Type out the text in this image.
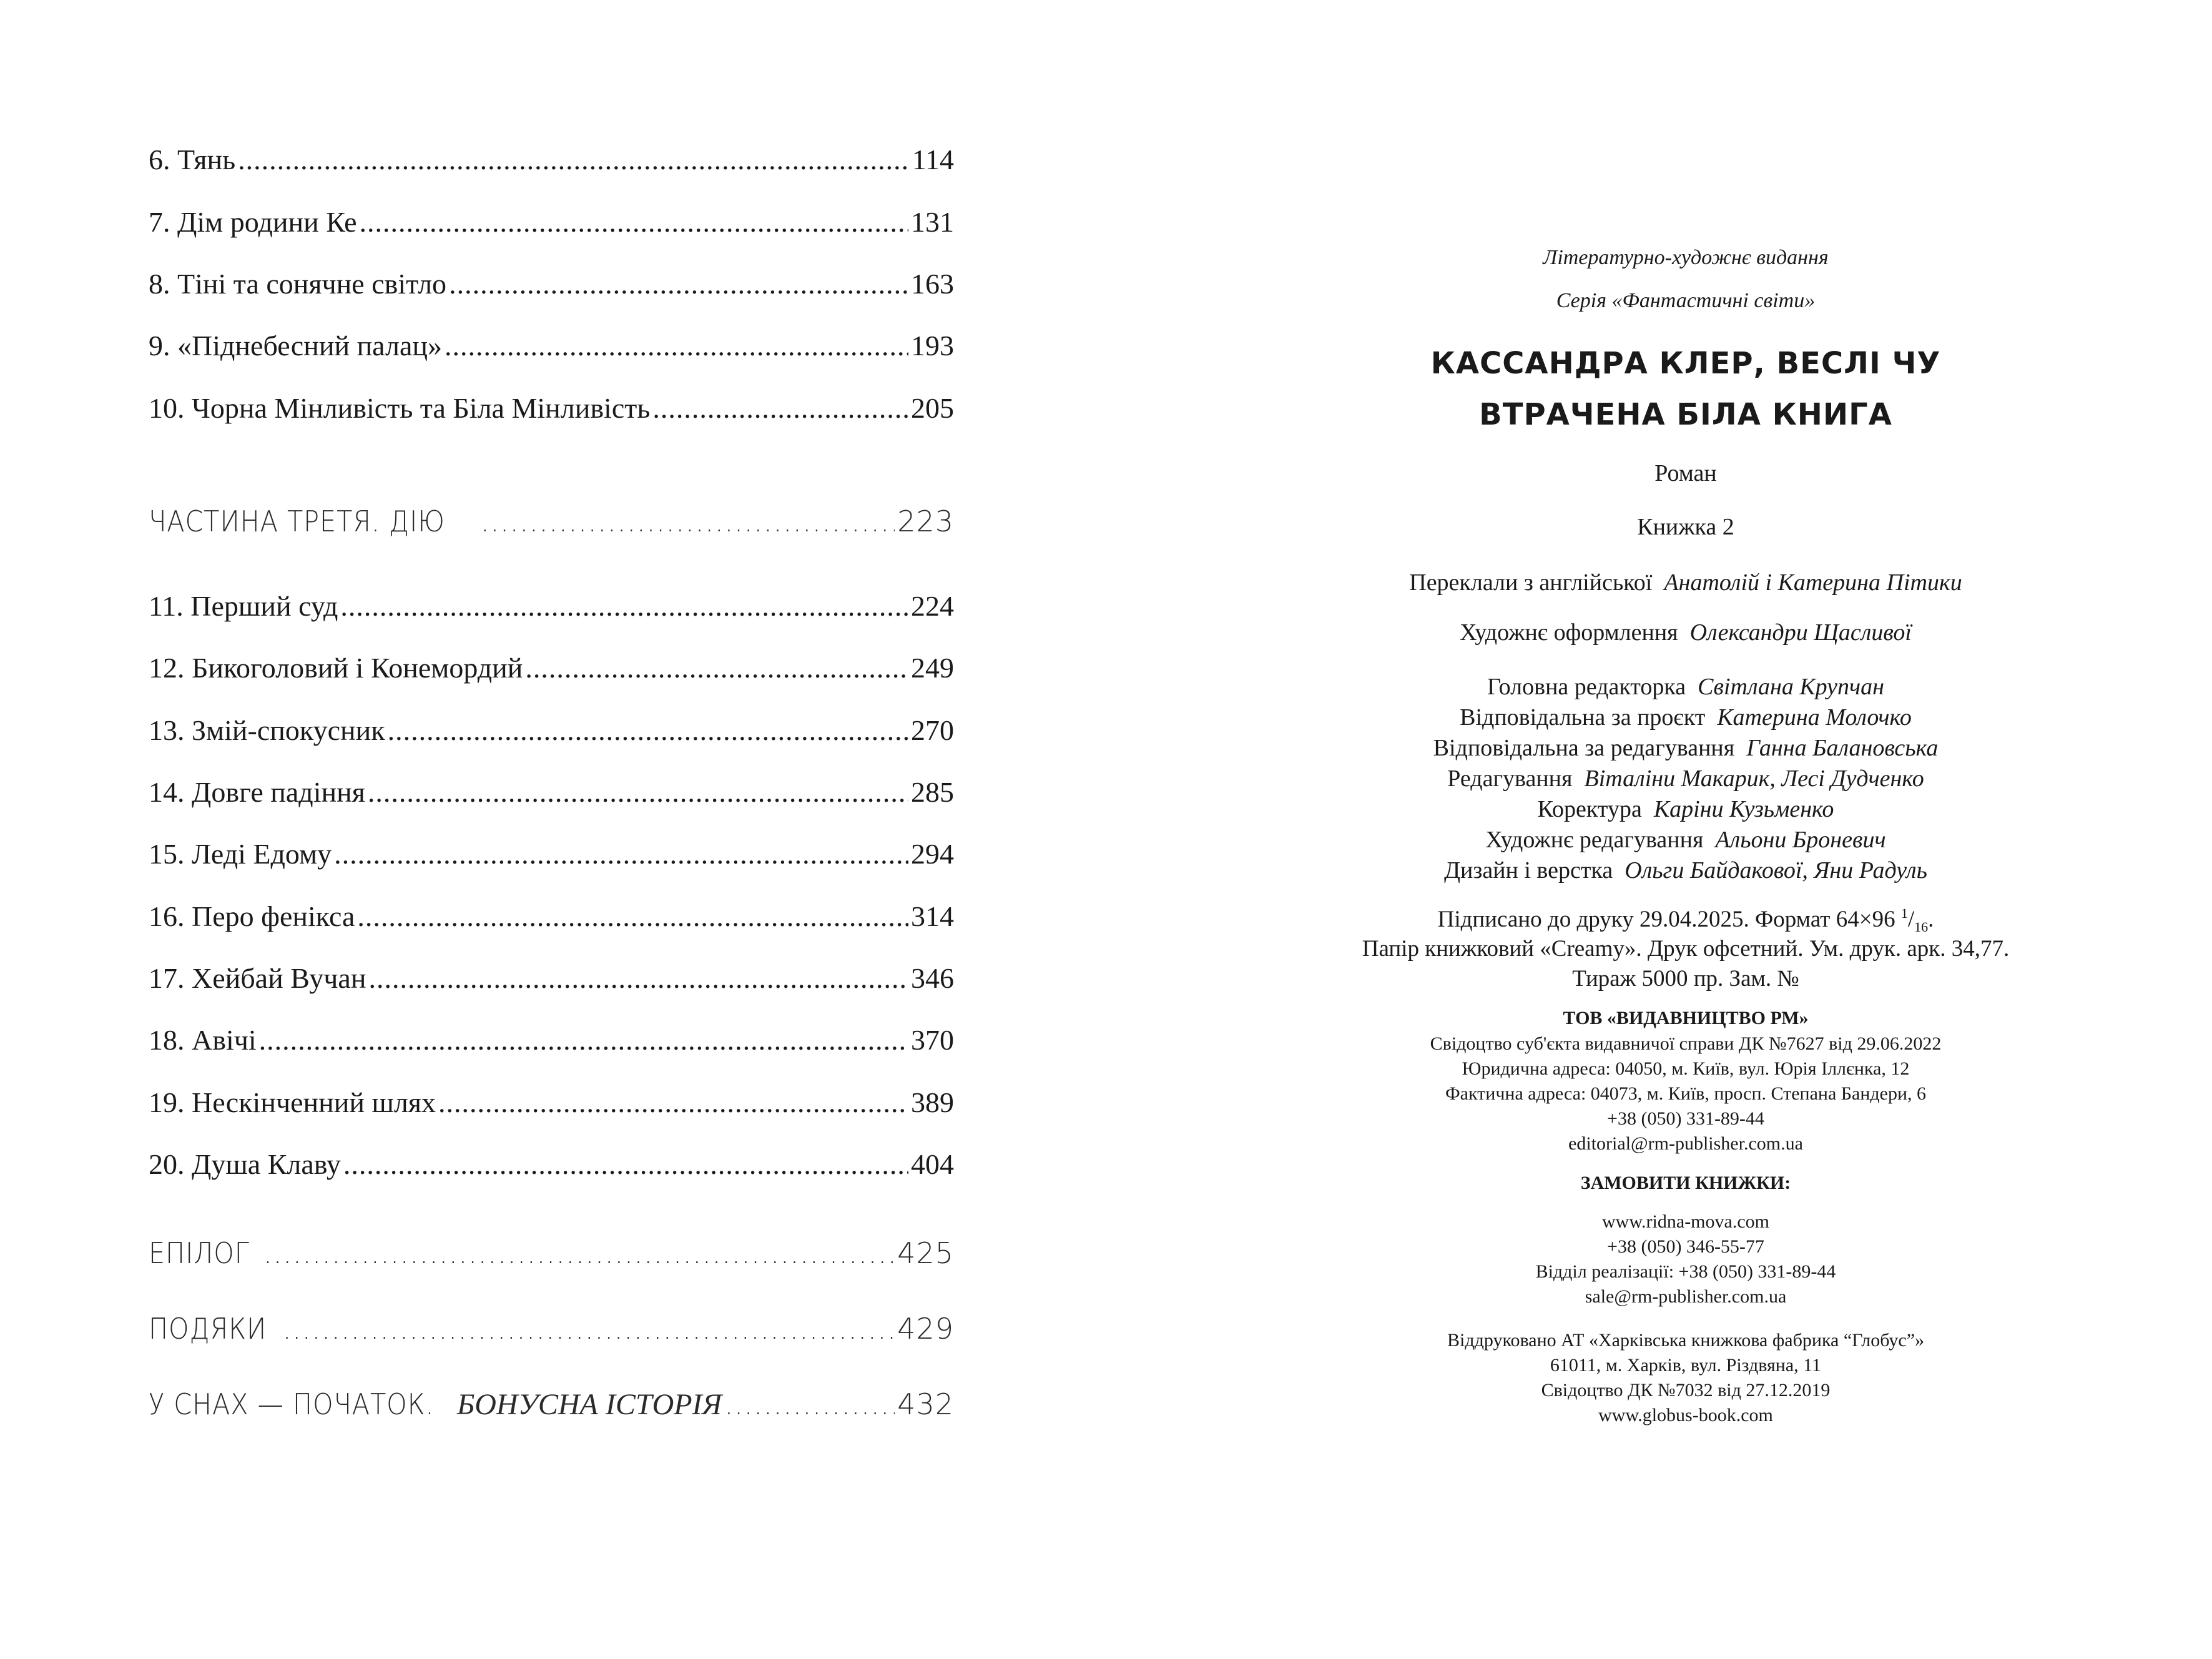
6. Тянь .....	114
7. Дім родини Ке .....	131
8. Тіні та сонячне світло .....	163
9. «Піднебесний палац» .....	193
10. Чорна Мінливість та Біла Мінливість .....	205
ЧАСТИНА ТРЕТЯ. ДІЮ .....	223
11. Перший суд .....	224
12. Бикоголовий і Конемордий .....	249
13. Змій-спокусник .....	270
14. Довге падіння .....	285
15. Леді Едому .....	294
16. Перо фенікса .....	314
17. Хейбай Вучан .....	346
18. Авічі .....	370
19. Нескінченний шлях .....	389
20. Душа Клаву .....	404
ЕПІЛОГ .....	425
ПОДЯКИ .....	429
У СНАХ — ПОЧАТОК. БОНУСНА ІСТОРІЯ .....	432
Літературно-художнє видання
Серія «Фантастичні світи»
КАССАНДРА КЛЕР, ВЕСЛІ ЧУ
ВТРАЧЕНА БІЛА КНИГА
Роман
Книжка 2
Переклали з англійської Анатолій і Катерина Пітики
Художнє оформлення Олександри Щасливої
Головна редакторка Світлана Крупчан
Відповідальна за проєкт Катерина Молочко
Відповідальна за редагування Ганна Балановська
Редагування Віталіни Макарик, Лесі Дудченко
Коректура Каріни Кузьменко
Художнє редагування Альони Броневич
Дизайн і верстка Ольги Байдакової, Яни Радуль
Підписано до друку 29.04.2025. Формат 64×96 $^1/_{16}$.
Папір книжковий «Creamy». Друк офсетний. Ум. друк. арк. 34,77.
Тираж 5000 пр. Зам. №
ТОВ «ВИДАВНИЦТВО РМ»
Свідоцтво суб'єкта видавничої справи ДК №7627 від 29.06.2022
Юридична адреса: 04050, м. Київ, вул. Юрія Іллєнка, 12
Фактична адреса: 04073, м. Київ, просп. Степана Бандери, 6
+38 (050) 331-89-44
editorial@rm-publisher.com.ua
ЗАМОВИТИ КНИЖКИ:
www.ridna-mova.com
+38 (050) 346-55-77
Відділ реалізації: +38 (050) 331-89-44
sale@rm-publisher.com.ua
Віддруковано АТ «Харківська книжкова фабрика “Глобус”»
61011, м. Харків, вул. Різдвяна, 11
Свідоцтво ДК №7032 від 27.12.2019
www.globus-book.com
